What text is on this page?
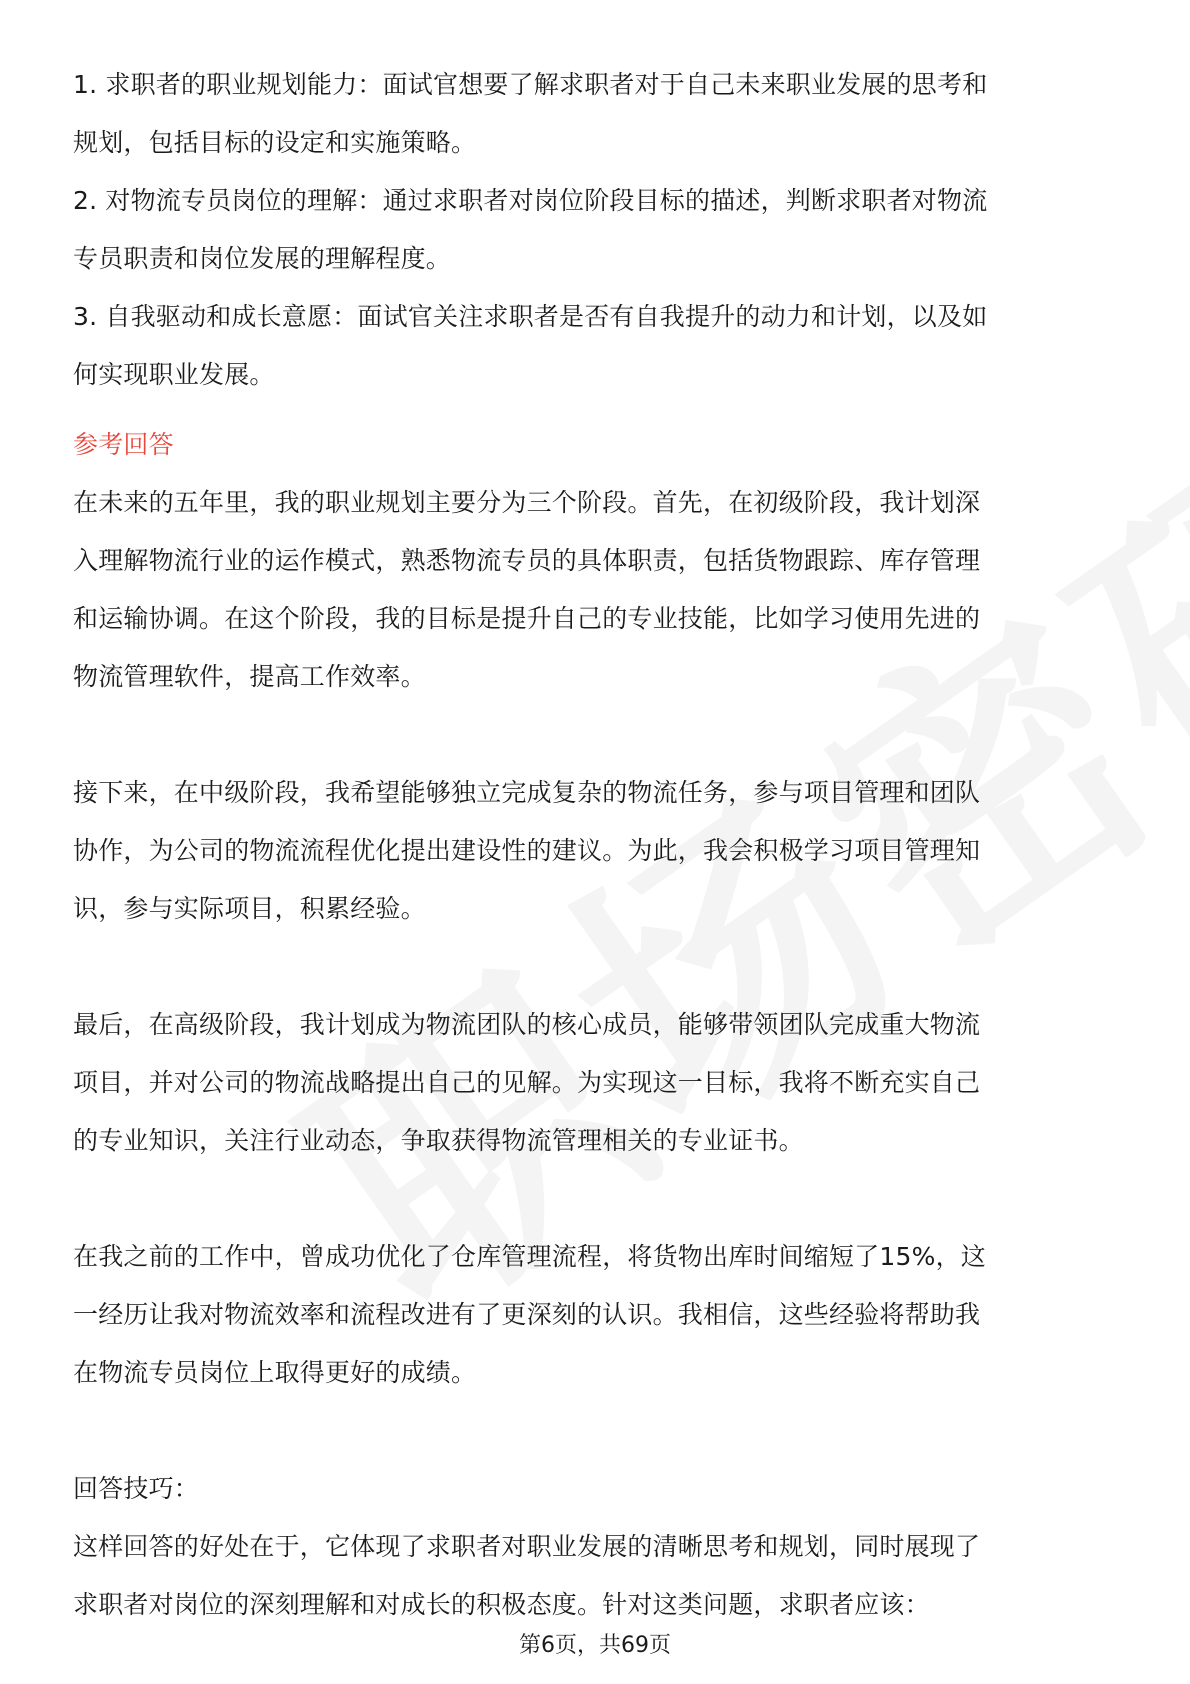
1. 求职者的职业规划能力：面试官想要了解求职者对于自己未来职业发展的思考和
规划，包括目标的设定和实施策略。
2. 对物流专员岗位的理解：通过求职者对岗位阶段目标的描述，判断求职者对物流
专员职责和岗位发展的理解程度。
3. 自我驱动和成长意愿：面试官关注求职者是否有自我提升的动力和计划，以及如
何实现职业发展。
参考回答
在未来的五年里，我的职业规划主要分为三个阶段。首先，在初级阶段，我计划深
入理解物流行业的运作模式，熟悉物流专员的具体职责，包括货物跟踪、库存管理
和运输协调。在这个阶段，我的目标是提升自己的专业技能，比如学习使用先进的
物流管理软件，提高工作效率。
接下来，在中级阶段，我希望能够独立完成复杂的物流任务，参与项目管理和团队
协作，为公司的物流流程优化提出建设性的建议。为此，我会积极学习项目管理知
识，参与实际项目，积累经验。
最后，在高级阶段，我计划成为物流团队的核心成员，能够带领团队完成重大物流
项目，并对公司的物流战略提出自己的见解。为实现这一目标，我将不断充实自己
的专业知识，关注行业动态，争取获得物流管理相关的专业证书。
在我之前的工作中，曾成功优化了仓库管理流程，将货物出库时间缩短了15%，这
一经历让我对物流效率和流程改进有了更深刻的认识。我相信，这些经验将帮助我
在物流专员岗位上取得更好的成绩。
回答技巧：
这样回答的好处在于，它体现了求职者对职业发展的清晰思考和规划，同时展现了
求职者对岗位的深刻理解和对成长的积极态度。针对这类问题，求职者应该：
第6页，共69页
